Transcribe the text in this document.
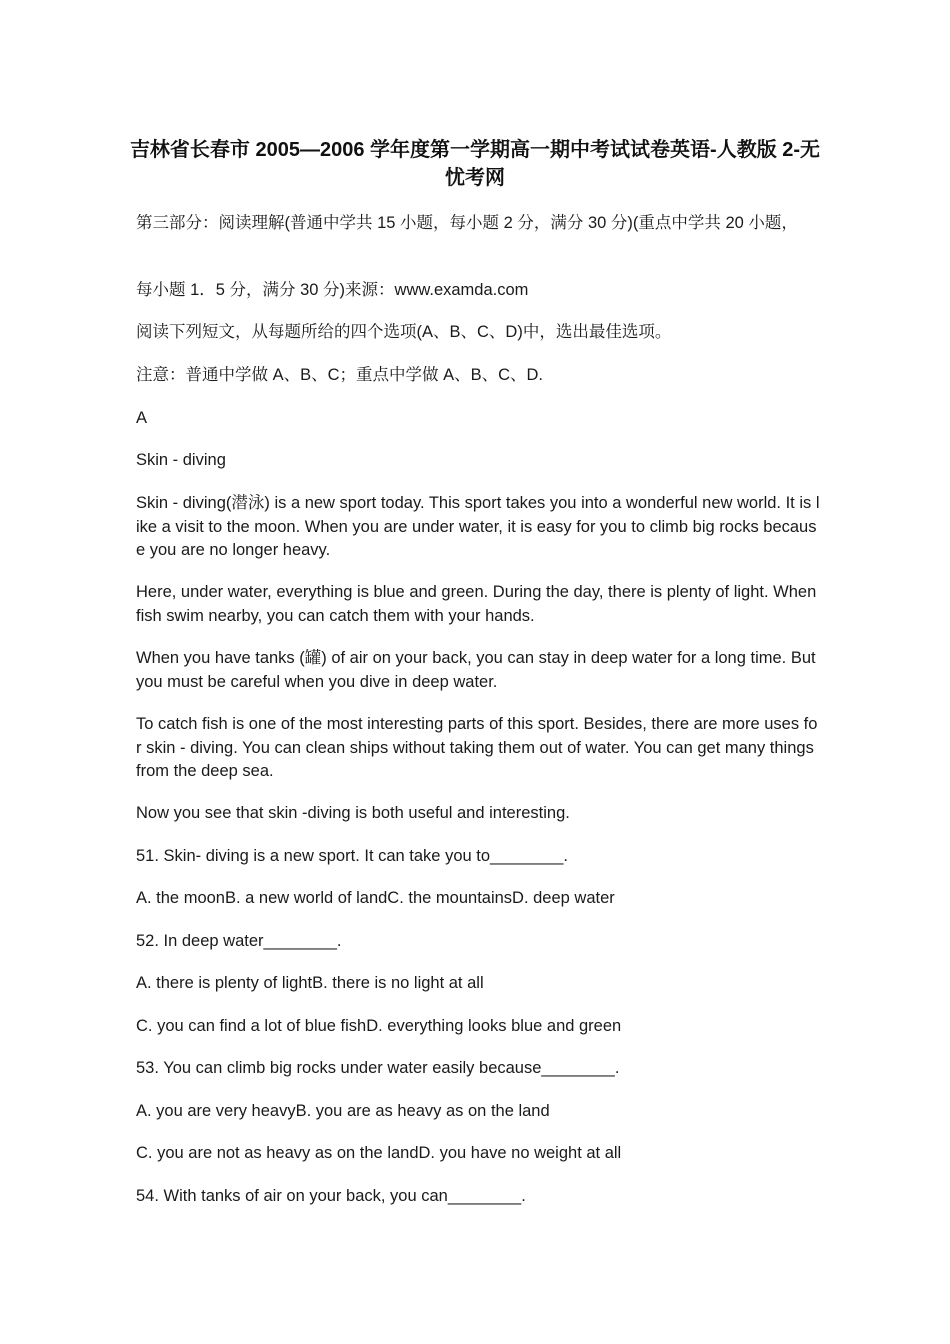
吉林省长春市 2005—2006 学年度第一学期高一期中考试试卷英语-人教版 2-无忧考网
第三部分：阅读理解(普通中学共 15 小题，每小题 2 分，满分 30 分)(重点中学共 20 小题，
每小题 1．5 分，满分 30 分)来源：www.examda.com
阅读下列短文，从每题所给的四个选项(A、B、C、D)中，选出最佳选项。
注意：普通中学做 A、B、C；重点中学做 A、B、C、D.
A
Skin - diving
Skin - diving(潜泳) is a new sport today. This sport takes you into a wonderful new world. It is like a visit to the moon. When you are under water, it is easy for you to climb big rocks because you are no longer heavy.
Here, under water, everything is blue and green. During the day, there is plenty of light. When fish swim nearby, you can catch them with your hands.
When you have tanks (罐) of air on your back, you can stay in deep water for a long time. But you must be careful when you dive in deep water.
To catch fish is one of the most interesting parts of this sport. Besides, there are more uses for skin - diving. You can clean ships without taking them out of water. You can get many things from the deep sea.
Now you see that skin -diving is both useful and interesting.
51. Skin- diving is a new sport. It can take you to________.
A. the moonB. a new world of landC. the mountainsD. deep water
52. In deep water________.
A. there is plenty of lightB. there is no light at all
C. you can find a lot of blue fishD. everything looks blue and green
53. You can climb big rocks under water easily because________.
A. you are very heavyB. you are as heavy as on the land
C. you are not as heavy as on the landD. you have no weight at all
54. With tanks of air on your back, you can________.
